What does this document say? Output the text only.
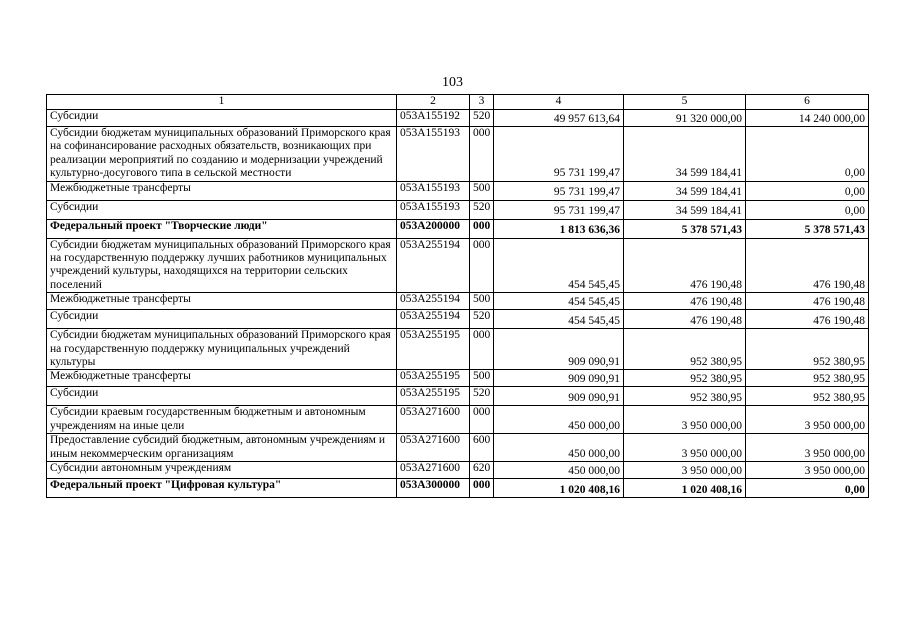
103
1	2	3	4	5	6
Субсидии	053A155192	520	49 957 613,64	91 320 000,00	14 240 000,00
Субсидии бюджетам муниципальных образований Приморского края на софинансирование расходных обязательств, возникающих при реализации мероприятий по созданию и модернизации учреждений культурно-досугового типа в сельской местности	053A155193	000	95 731 199,47	34 599 184,41	0,00
Межбюджетные трансферты	053A155193	500	95 731 199,47	34 599 184,41	0,00
Субсидии	053A155193	520	95 731 199,47	34 599 184,41	0,00
Федеральный проект "Творческие люди"	053A200000	000	1 813 636,36	5 378 571,43	5 378 571,43
Субсидии бюджетам муниципальных образований Приморского края на государственную поддержку лучших работников муниципальных учреждений культуры, находящихся на территории сельских поселений	053A255194	000	454 545,45	476 190,48	476 190,48
Межбюджетные трансферты	053A255194	500	454 545,45	476 190,48	476 190,48
Субсидии	053A255194	520	454 545,45	476 190,48	476 190,48
Субсидии бюджетам муниципальных образований Приморского края на государственную поддержку муниципальных учреждений культуры	053A255195	000	909 090,91	952 380,95	952 380,95
Межбюджетные трансферты	053A255195	500	909 090,91	952 380,95	952 380,95
Субсидии	053A255195	520	909 090,91	952 380,95	952 380,95
Субсидии краевым государственным бюджетным и автономным учреждениям на иные цели	053A271600	000	450 000,00	3 950 000,00	3 950 000,00
Предоставление субсидий бюджетным, автономным учреждениям и иным некоммерческим организациям	053A271600	600	450 000,00	3 950 000,00	3 950 000,00
Субсидии автономным учреждениям	053A271600	620	450 000,00	3 950 000,00	3 950 000,00
Федеральный проект "Цифровая культура"	053A300000	000	1 020 408,16	1 020 408,16	0,00
